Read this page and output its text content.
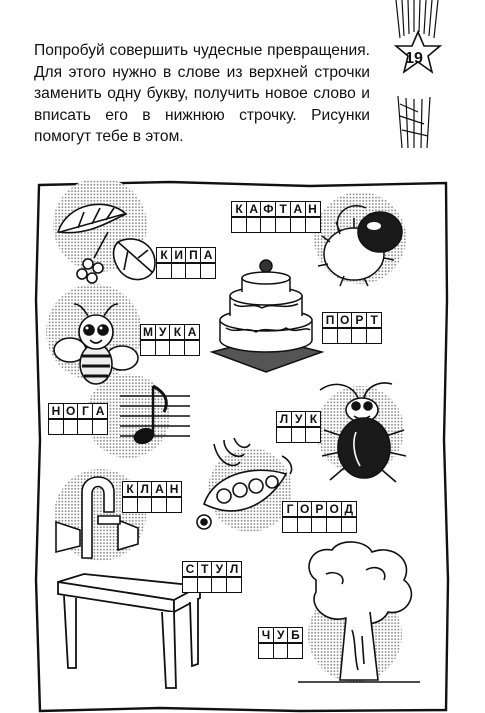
Попробуй совершить чудесные превращения. Для этого нужно в слове из верхней строчки заменить одну букву, получить новое слово и вписать его в нижнюю строчку. Рисунки помогут тебе в этом.

19
К А Ф Т А Н
К И П А
П О Р Т
М У К А
Н О Г А
Л У К
К Л А Н
Г О Р О Д
С Т У Л
Ч У Б
